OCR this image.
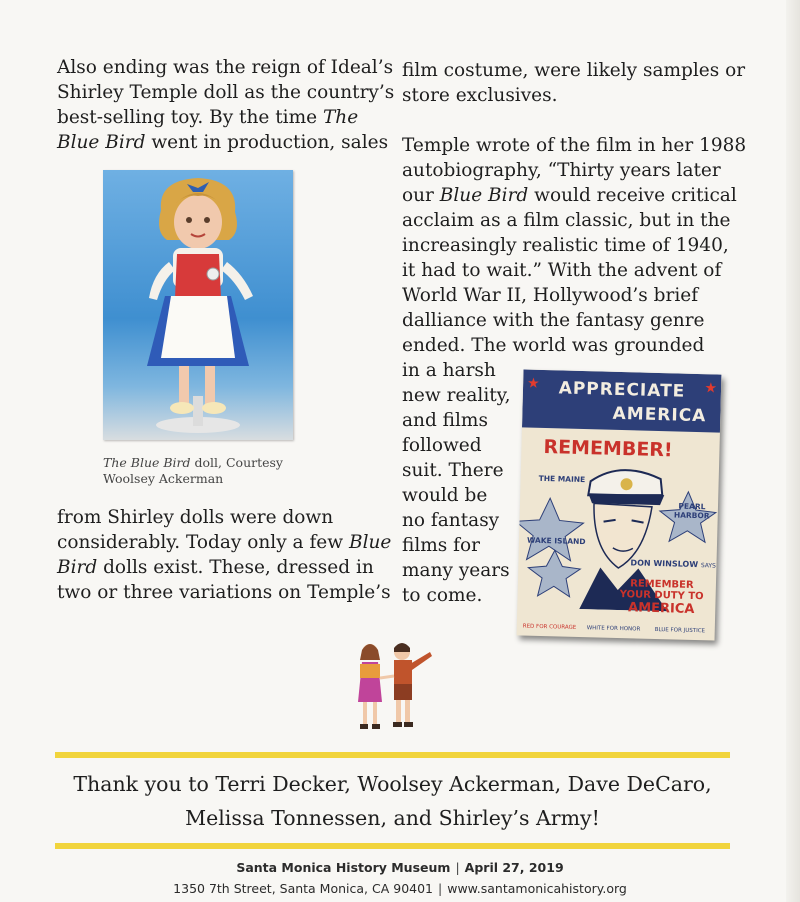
Also ending was the reign of Ideal’s
Shirley Temple doll as the country’s
best-selling toy. By the time The
Blue Bird went in production, sales

The Blue Bird doll, Courtesy
Woolsey Ackerman

from Shirley dolls were down
considerably. Today only a few Blue
Bird dolls exist. These, dressed in
two or three variations on Temple’s

film costume, were likely samples or
store exclusives.

Temple wrote of the film in her 1988
autobiography, “Thirty years later
our Blue Bird would receive critical
acclaim as a film classic, but in the
increasingly realistic time of 1940,
it had to wait.” With the advent of
World War II, Hollywood’s brief
dalliance with the fantasy genre
ended. The world was grounded

in a harsh
new reality,
and films
followed
suit. There
would be
no fantasy
films for
many years
to come.

★	★
APPRECIATE
AMERICA
REMEMBER!
THE MAINE
PEARL HARBOR
WAKE ISLAND
DON WINSLOW SAYS
REMEMBER
YOUR DUTY TO
AMERICA
RED FOR COURAGE WHITE FOR HONOR	BLUE FOR JUSTICE
Thank you to Terri Decker, Woolsey Ackerman, Dave DeCaro,
Melissa Tonnessen, and Shirley’s Army!
Santa Monica History Museum | April 27, 2019
1350 7th Street, Santa Monica, CA 90401 | www.santamonicahistory.org
